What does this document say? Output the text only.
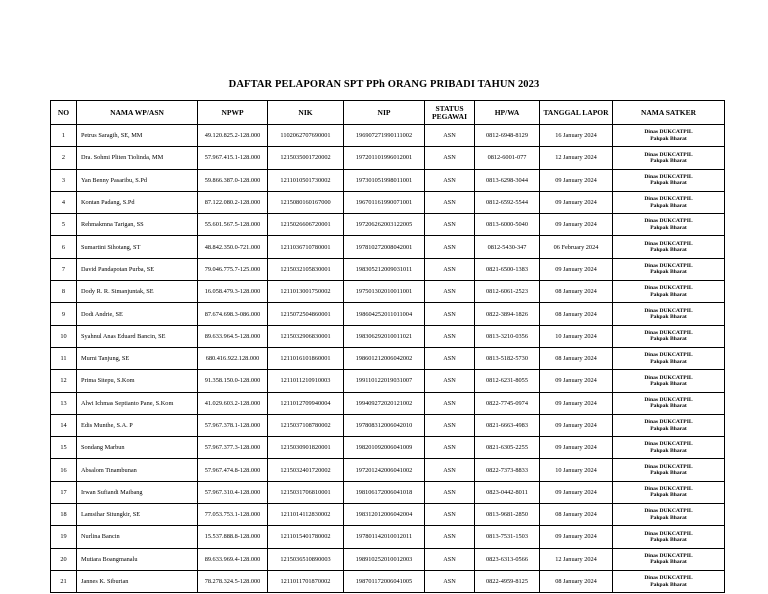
DAFTAR PELAPORAN SPT PPh ORANG PRIBADI TAHUN 2023
NO	NAMA WP/ASN	NPWP	NIK	NIP	STATUS PEGAWAI	HP/WA	TANGGAL LAPOR	NAMA SATKER
1	Petrus Saragih, SE, MM	49.120.825.2-128.000	1102062707690001	196907271990111002	ASN	0812-6948-8129	16 January 2024	Dinas DUKCATPIL
Pakpak Bharat

2	Dra. Sohmi Pliten Tiolinda, MM	57.967.415.1-128.000	1215035001720002	197201101996012001	ASN	0812-6001-077	12 January 2024	Dinas DUKCATPIL
Pakpak Bharat

3	Yan Benny Pasaribu, S.Pd	59.866.387.0-128.000	1211010501730002	197301051998011001	ASN	0813-6298-3044	09 January 2024	Dinas DUKCATPIL
Pakpak Bharat

4	Kontan Padang, S.Pd	87.122.080.2-128.000	1215080160167000	196701161990071001	ASN	0812-6592-5544	09 January 2024	Dinas DUKCATPIL
Pakpak Bharat

5	Rehmakmna Tarigan, SS	55.601.567.5-128.000	1215026606720001	197206262003122005	ASN	0813-6000-5040	09 January 2024	Dinas DUKCATPIL
Pakpak Bharat

6	Sumartini Sihotang, ST	48.842.350.0-721.000	1211036710780001	197810272008042001	ASN	0812-5430-347	06 February 2024	Dinas DUKCATPIL
Pakpak Bharat

7	David Pandapotan Purba, SE	79.046.775.7-125.000	1215032105830001	198305212009031011	ASN	0821-6500-1383	09 January 2024	Dinas DUKCATPIL
Pakpak Bharat

8	Dody R. R. Simanjuntak, SE	16.058.479.3-128.000	1211013001750002	197501302010011001	ASN	0812-6061-2523	08 January 2024	Dinas DUKCATPIL
Pakpak Bharat

9	Dodi Andrie, SE	87.674.698.3-086.000	1215072504860001	198604252011011004	ASN	0822-3894-1826	08 January 2024	Dinas DUKCATPIL
Pakpak Bharat

10	Syahnul Anas Eduard Bancin, SE	89.633.964.5-128.000	1215032906830001	198306292010011021	ASN	0813-3210-0356	10 January 2024	Dinas DUKCATPIL
Pakpak Bharat

11	Murni Tanjung, SE	680.416.922.128.000	1211016101860001	198601212006042002	ASN	0813-5182-5730	08 January 2024	Dinas DUKCATPIL
Pakpak Bharat

12	Prima Sitepu, S.Kom	91.358.150.0-128.000	1211011210910003	199110122019031007	ASN	0812-6231-8055	09 January 2024	Dinas DUKCATPIL
Pakpak Bharat

13	Alwi Ichmas Septianto Pane, S.Kom	41.029.603.2-128.000	1211012709940004	199409272020121002	ASN	0822-7745-0974	09 January 2024	Dinas DUKCATPIL
Pakpak Bharat

14	Edis Munthe, S.A. P	57.967.378.1-128.000	1215037108780002	197808312006042010	ASN	0821-6663-4983	09 January 2024	Dinas DUKCATPIL
Pakpak Bharat

15	Sondang Marbun	57.967.377.3-128.000	1215030901820001	198201092006041009	ASN	0821-6305-2255	09 January 2024	Dinas DUKCATPIL
Pakpak Bharat

16	Absalom Tinambunan	57.967.474.8-128.000	1215032401720002	197201242006041002	ASN	0822-7373-8833	10 January 2024	Dinas DUKCATPIL
Pakpak Bharat

17	Irwan Sufiandi Maibang	57.967.310.4-128.000	1215031706810001	198106172006041018	ASN	0823-0442-8011	09 January 2024	Dinas DUKCATPIL
Pakpak Bharat

18	Lamsihar Situngkir, SE	77.053.753.1-128.000	1211014112830002	198312012006042004	ASN	0813-9681-2850	08 January 2024	Dinas DUKCATPIL
Pakpak Bharat

19	Nurlina Bancin	15.537.888.8-128.000	1211015401780002	197801142010012011	ASN	0813-7531-1503	09 January 2024	Dinas DUKCATPIL
Pakpak Bharat

20	Mutiara Boangmanalu	89.633.969.4-128.000	1215036510890003	198910252010012003	ASN	0823-6313-0566	12 January 2024	Dinas DUKCATPIL
Pakpak Bharat

21	Jannes K. Siburian	78.278.324.5-128.000	1211011701870002	198701172006041005	ASN	0822-4959-8125	08 January 2024	Dinas DUKCATPIL
Pakpak Bharat
